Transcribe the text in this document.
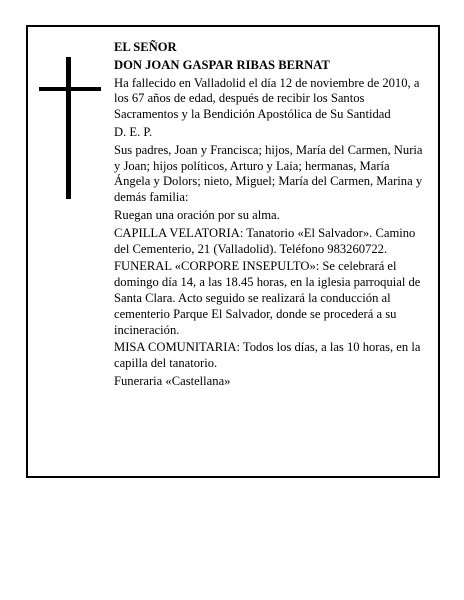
EL SEÑOR

DON JOAN GASPAR RIBAS BERNAT

Ha fallecido en Valladolid el día 12 de noviembre de 2010, a los 67 años de edad, después de recibir los Santos Sacramentos y la Bendición Apostólica de Su Santidad

D. E. P.

Sus padres, Joan y Francisca; hijos, María del Carmen, Nuria y Joan; hijos políticos, Arturo y Laia; hermanas, María Ángela y Dolors; nieto, Miguel; María del Carmen, Marina y demás familia:

Ruegan una oración por su alma.

CAPILLA VELATORIA: Tanatorio «El Salvador». Camino del Cementerio, 21 (Valladolid). Teléfono 983260722.

FUNERAL «CORPORE INSEPULTO»: Se celebrará el domingo día 14, a las 18.45 horas, en la iglesia parroquial de Santa Clara. Acto seguido se realizará la conducción al cementerio Parque El Salvador, donde se procederá a su incineración.

MISA COMUNITARIA: Todos los días, a las 10 horas, en la capilla del tanatorio.

Funeraria «Castellana»
